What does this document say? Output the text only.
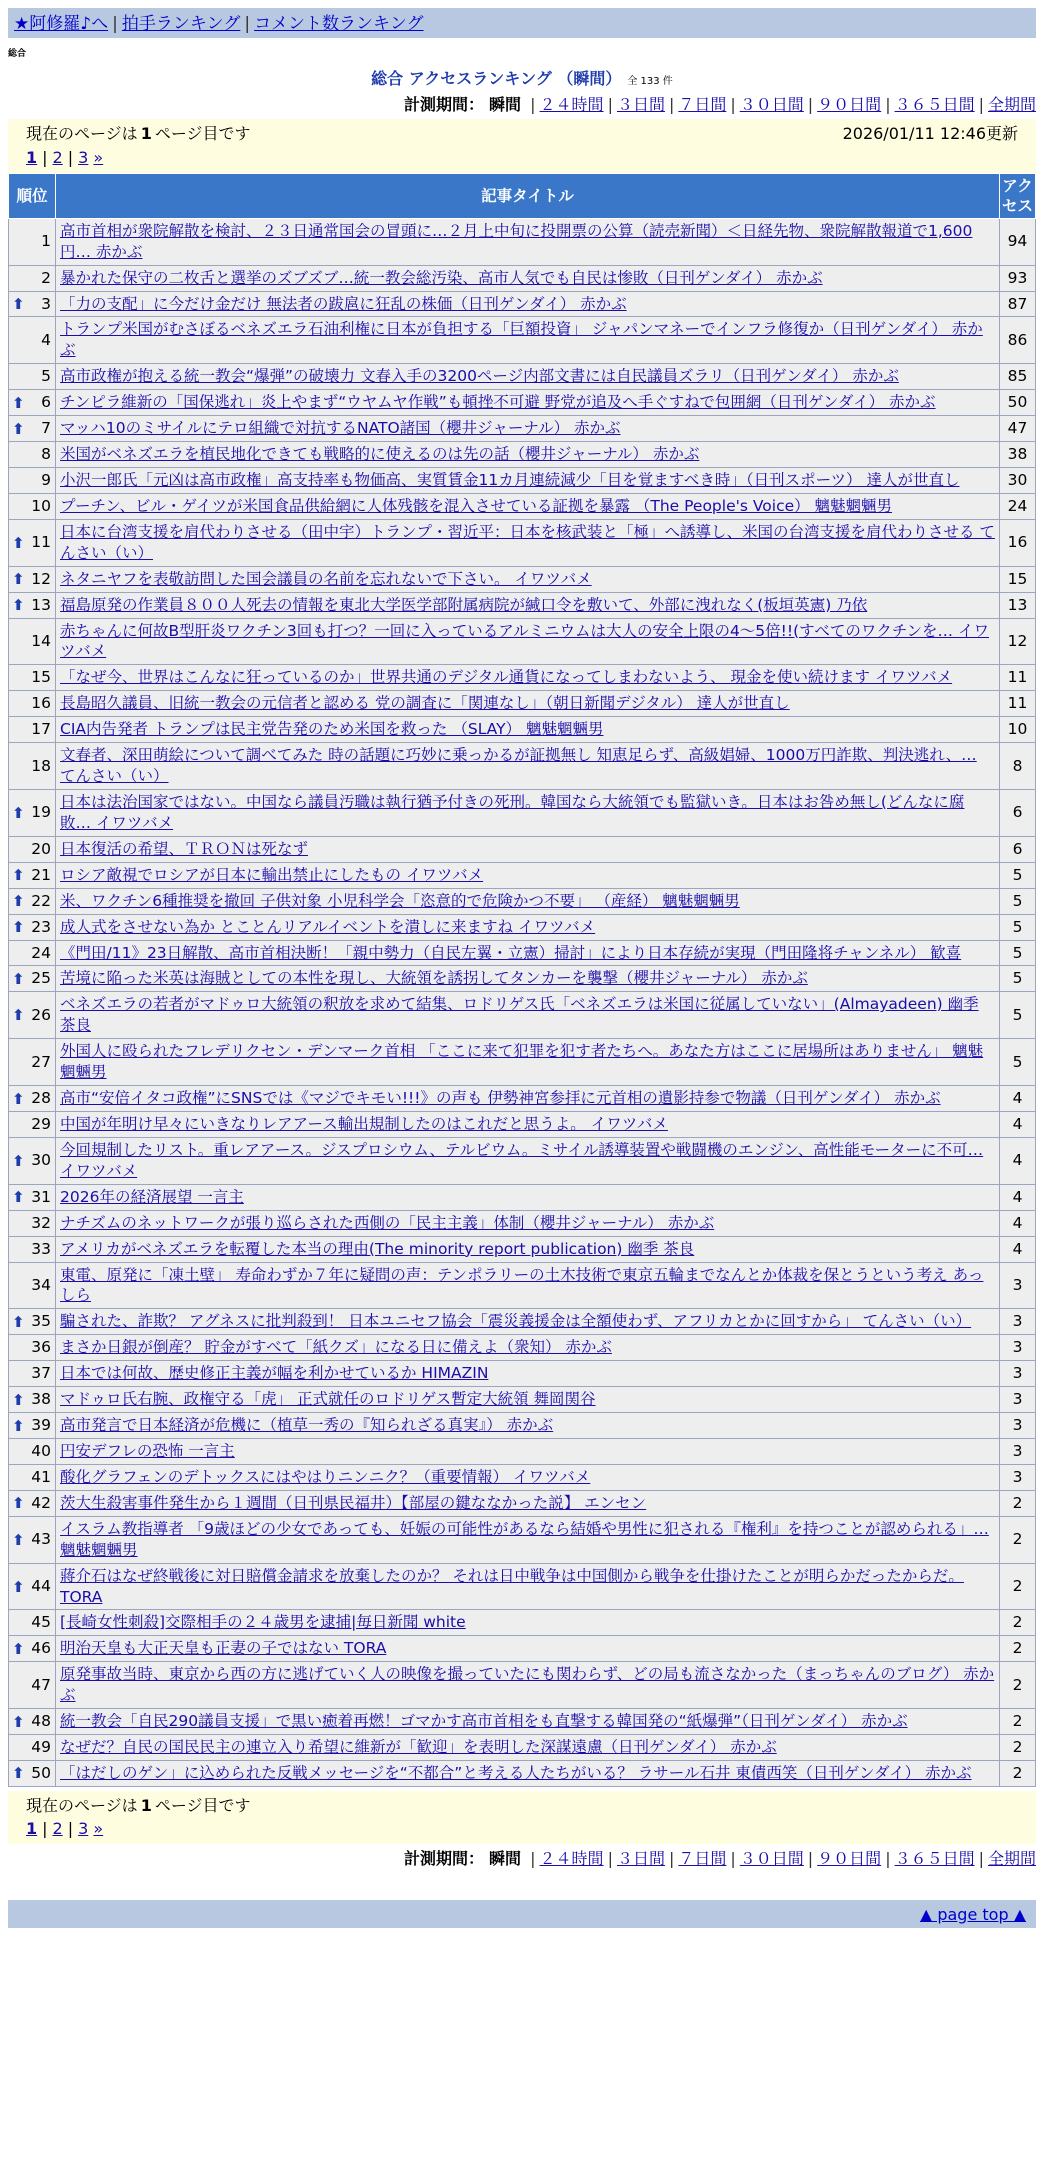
★阿修羅♪へ | 拍手ランキング | コメント数ランキング
総合
総合 アクセスランキング （瞬間） 全 133 件
計測期間： 瞬間 | ２４時間 | ３日間 | ７日間 | ３０日間 | ９０日間 | ３６５日間 | 全期間
現在のページは 1 ページ目です	2026/01/11 12:46更新
1 | 2 | 3 »
順位	記事タイトル	アクセス
1	高市首相が衆院解散を検討、２３日通常国会の冒頭に…２月上中旬に投開票の公算（読売新聞）＜日経先物、衆院解散報道で1,600円… 赤かぶ	94
2	暴かれた保守の二枚舌と選挙のズブズブ…統一教会総汚染、高市人気でも自民は惨敗（日刊ゲンダイ） 赤かぶ	93

⬆ 3	「力の支配」に今だけ金だけ 無法者の跋扈に狂乱の株価（日刊ゲンダイ） 赤かぶ	87
4	トランプ米国がむさぼるベネズエラ石油利権に日本が負担する「巨額投資」 ジャパンマネーでインフラ修復か（日刊ゲンダイ） 赤かぶ	86
5	高市政権が抱える統一教会“爆弾”の破壊力 文春入手の3200ページ内部文書には自民議員ズラリ（日刊ゲンダイ） 赤かぶ	85

⬆ 6	チンピラ維新の「国保逃れ」炎上やまず“ウヤムヤ作戦”も頓挫不可避 野党が追及へ手ぐすねで包囲網（日刊ゲンダイ） 赤かぶ	50

⬆ 7	マッハ10のミサイルにテロ組織で対抗するNATO諸国（櫻井ジャーナル） 赤かぶ	47
8	米国がベネズエラを植民地化できても戦略的に使えるのは先の話（櫻井ジャーナル） 赤かぶ	38
9	小沢一郎氏「元凶は高市政権」高支持率も物価高、実質賃金11カ月連続減少「目を覚ますべき時」（日刊スポーツ） 達人が世直し	30
10	プーチン、ビル・ゲイツが米国食品供給網に人体残骸を混入させている証拠を暴露 （The People's Voice） 魑魅魍魎男	24

⬆ 11	日本に台湾支援を肩代わりさせる（田中宇）トランプ・習近平：日本を核武装と「極」へ誘導し、米国の台湾支援を肩代わりさせる てんさい（い）	16

⬆ 12	ネタニヤフを表敬訪問した国会議員の名前を忘れないで下さい。 イワツバメ	15

⬆ 13	福島原発の作業員８００人死去の情報を東北大学医学部附属病院が緘口令を敷いて、外部に洩れなく(板垣英憲) 乃依	13
14	赤ちゃんに何故B型肝炎ワクチン3回も打つ？一回に入っているアルミニウムは大人の安全上限の4～5倍!!(すべてのワクチンを… イワツバメ	12
15	「なぜ今、世界はこんなに狂っているのか」世界共通のデジタル通貨になってしまわないよう、 現金を使い続けます イワツバメ	11
16	長島昭久議員、旧統一教会の元信者と認める 党の調査に「関連なし」（朝日新聞デジタル） 達人が世直し	11
17	CIA内告発者 トランプは民主党告発のため米国を救った （SLAY） 魑魅魍魎男	10
18	文春者、深田萌絵について調べてみた 時の話題に巧妙に乗っかるが証拠無し 知恵足らず、高級娼婦、1000万円詐欺、判決逃れ、… てんさい（い）	8

⬆ 19	日本は法治国家ではない。中国なら議員汚職は執行猶予付きの死刑。韓国なら大統領でも監獄いき。日本はお咎め無し(どんなに腐敗… イワツバメ	6
20	日本復活の希望、ＴＲＯＮは死なず	6

⬆ 21	ロシア敵視でロシアが日本に輸出禁止にしたもの イワツバメ	5

⬆ 22	米、ワクチン6種推奨を撤回 子供対象 小児科学会「恣意的で危険かつ不要」 （産経） 魑魅魍魎男	5

⬆ 23	成人式をさせない為か とことんリアルイベントを潰しに来ますね イワツバメ	5
24	《門田/11》23日解散、高市首相決断！「親中勢力（自民左翼・立憲）掃討」により日本存続が実現（門田隆将チャンネル） 歓喜	5

⬆ 25	苦境に陥った米英は海賊としての本性を現し、大統領を誘拐してタンカーを襲撃（櫻井ジャーナル） 赤かぶ	5

⬆ 26	ベネズエラの若者がマドゥロ大統領の釈放を求めて結集、ロドリゲス氏「ベネズエラは米国に従属していない」(Almayadeen) 幽季 茶良	5
27	外国人に殴られたフレデリクセン・デンマーク首相 「ここに来て犯罪を犯す者たちへ。あなた方はここに居場所はありません」 魑魅魍魎男	5

⬆ 28	高市“安倍イタコ政権”にSNSでは《マジでキモい!!!》の声も 伊勢神宮参拝に元首相の遺影持参で物議（日刊ゲンダイ） 赤かぶ	4
29	中国が年明け早々にいきなりレアアース輸出規制したのはこれだと思うよ。 イワツバメ	4

⬆ 30	今回規制したリスト。重レアアース。ジスプロシウム、テルビウム。ミサイル誘導装置や戦闘機のエンジン、高性能モーターに不可… イワツバメ	4

⬆ 31	2026年の経済展望 一言主	4
32	ナチズムのネットワークが張り巡らされた西側の「民主主義」体制（櫻井ジャーナル） 赤かぶ	4
33	アメリカがベネズエラを転覆した本当の理由(The minority report publication) 幽季 茶良	4
34	東電、原発に「凍土壁」 寿命わずか７年に疑問の声：テンポラリーの土木技術で東京五輪までなんとか体裁を保とうという考え あっしら	3

⬆ 35	騙された、詐欺？ アグネスに批判殺到！ 日本ユニセフ協会「震災義援金は全額使わず、アフリカとかに回すから」 てんさい（い）	3
36	まさか日銀が倒産？ 貯金がすべて「紙クズ」になる日に備えよ（衆知） 赤かぶ	3
37	日本では何故、歴史修正主義が幅を利かせているか HIMAZIN	3

⬆ 38	マドゥロ氏右腕、政権守る「虎」 正式就任のロドリゲス暫定大統領 舞岡関谷	3

⬆ 39	高市発言で日本経済が危機に（植草一秀の『知られざる真実』） 赤かぶ	3
40	円安デフレの恐怖 一言主	3
41	酸化グラフェンのデトックスにはやはりニンニク？（重要情報） イワツバメ	3

⬆ 42	茨大生殺害事件発生から１週間（日刊県民福井）【部屋の鍵ななかった説】 エンセン	2

⬆ 43	イスラム教指導者 「9歳ほどの少女であっても、妊娠の可能性があるなら結婚や男性に犯される『権利』を持つことが認められる」… 魑魅魍魎男	2

⬆ 44	蔣介石はなぜ終戦後に対日賠償金請求を放棄したのか？ それは日中戦争は中国側から戦争を仕掛けたことが明らかだったからだ。 TORA	2
45	[長崎女性刺殺]交際相手の２４歳男を逮捕|毎日新聞 white	2

⬆ 46	明治天皇も大正天皇も正妻の子ではない TORA	2
47	原発事故当時、東京から西の方に逃げていく人の映像を撮っていたにも関わらず、どの局も流さなかった（まっちゃんのブログ） 赤かぶ	2

⬆ 48	統一教会「自民290議員支援」で黒い癒着再燃！ゴマかす高市首相をも直撃する韓国発の“紙爆弾”（日刊ゲンダイ） 赤かぶ	2
49	なぜだ？自民の国民民主の連立入り希望に維新が「歓迎」を表明した深謀遠慮（日刊ゲンダイ） 赤かぶ	2

⬆ 50	「はだしのゲン」に込められた反戦メッセージを“不都合”と考える人たちがいる？ ラサール石井 東債西笑（日刊ゲンダイ） 赤かぶ	2
現在のページは 1 ページ目です
1 | 2 | 3 »
計測期間： 瞬間 | ２４時間 | ３日間 | ７日間 | ３０日間 | ９０日間 | ３６５日間 | 全期間
▲ page top ▲
